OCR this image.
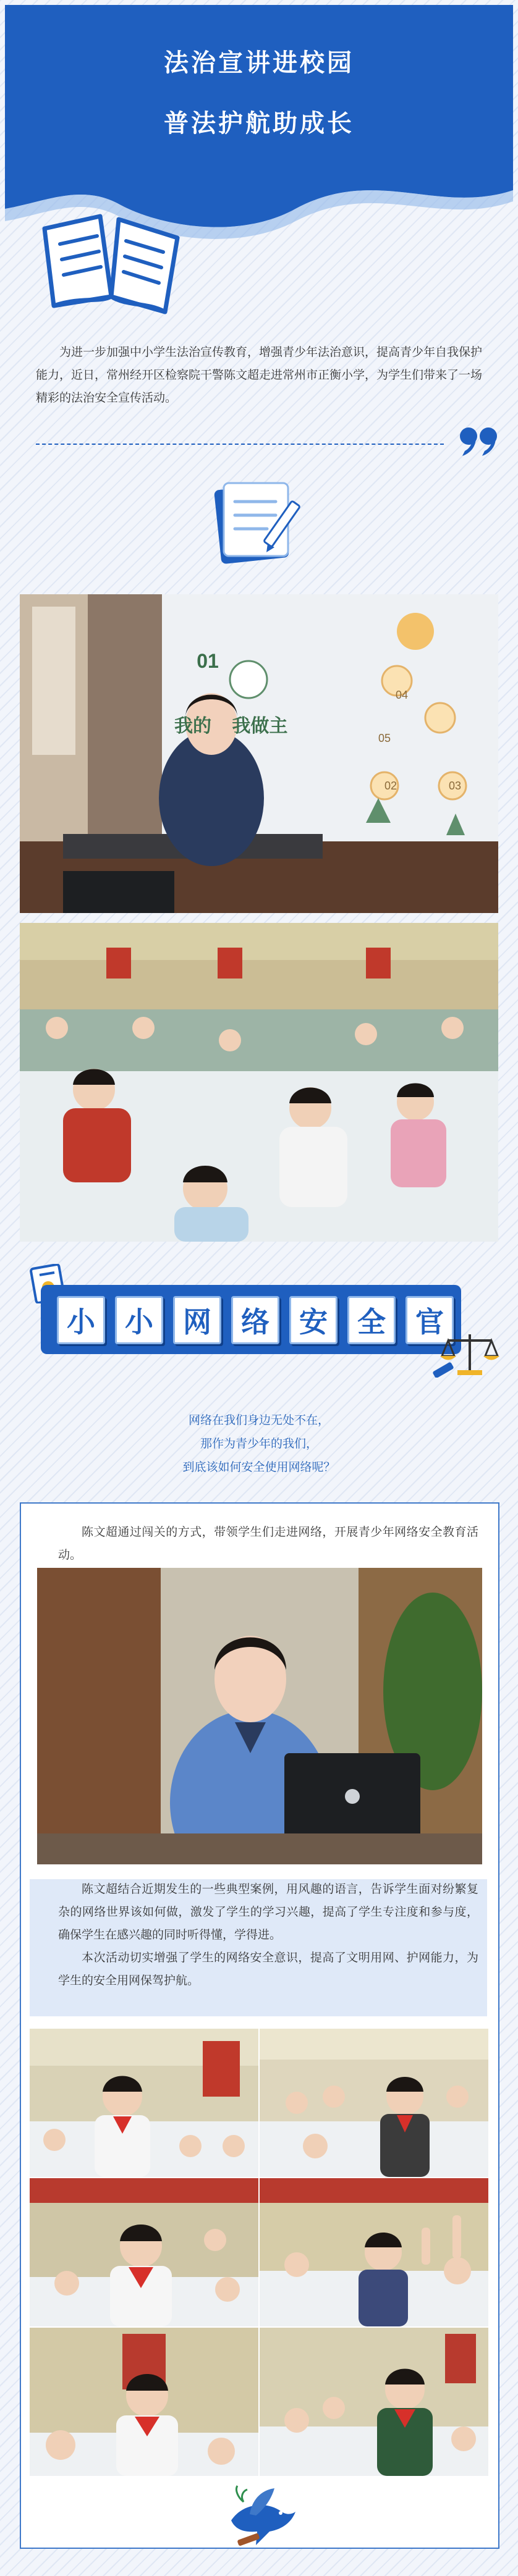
法治宣讲进校园
普法护航助成长
为进一步加强中小学生法治宣传教育，增强青少年法治意识，提高青少年自我保护能力，近日，常州经开区检察院干警陈文超走进常州市正衡小学，为学生们带来了一场精彩的法治安全宣传活动。
01
我的    我做主
04
05
02	03
小	小	网	络	安	全	官
网络在我们身边无处不在，
那作为青少年的我们，
到底该如何安全使用网络呢？
陈文超通过闯关的方式，带领学生们走进网络，开展青少年网络安全教育活动。
陈文超结合近期发生的一些典型案例，用风趣的语言，告诉学生面对纷繁复杂的网络世界该如何做，激发了学生的学习兴趣，提高了学生专注度和参与度，确保学生在感兴趣的同时听得懂，学得进。
本次活动切实增强了学生的网络安全意识，提高了文明用网、护网能力，为学生的安全用网保驾护航。
